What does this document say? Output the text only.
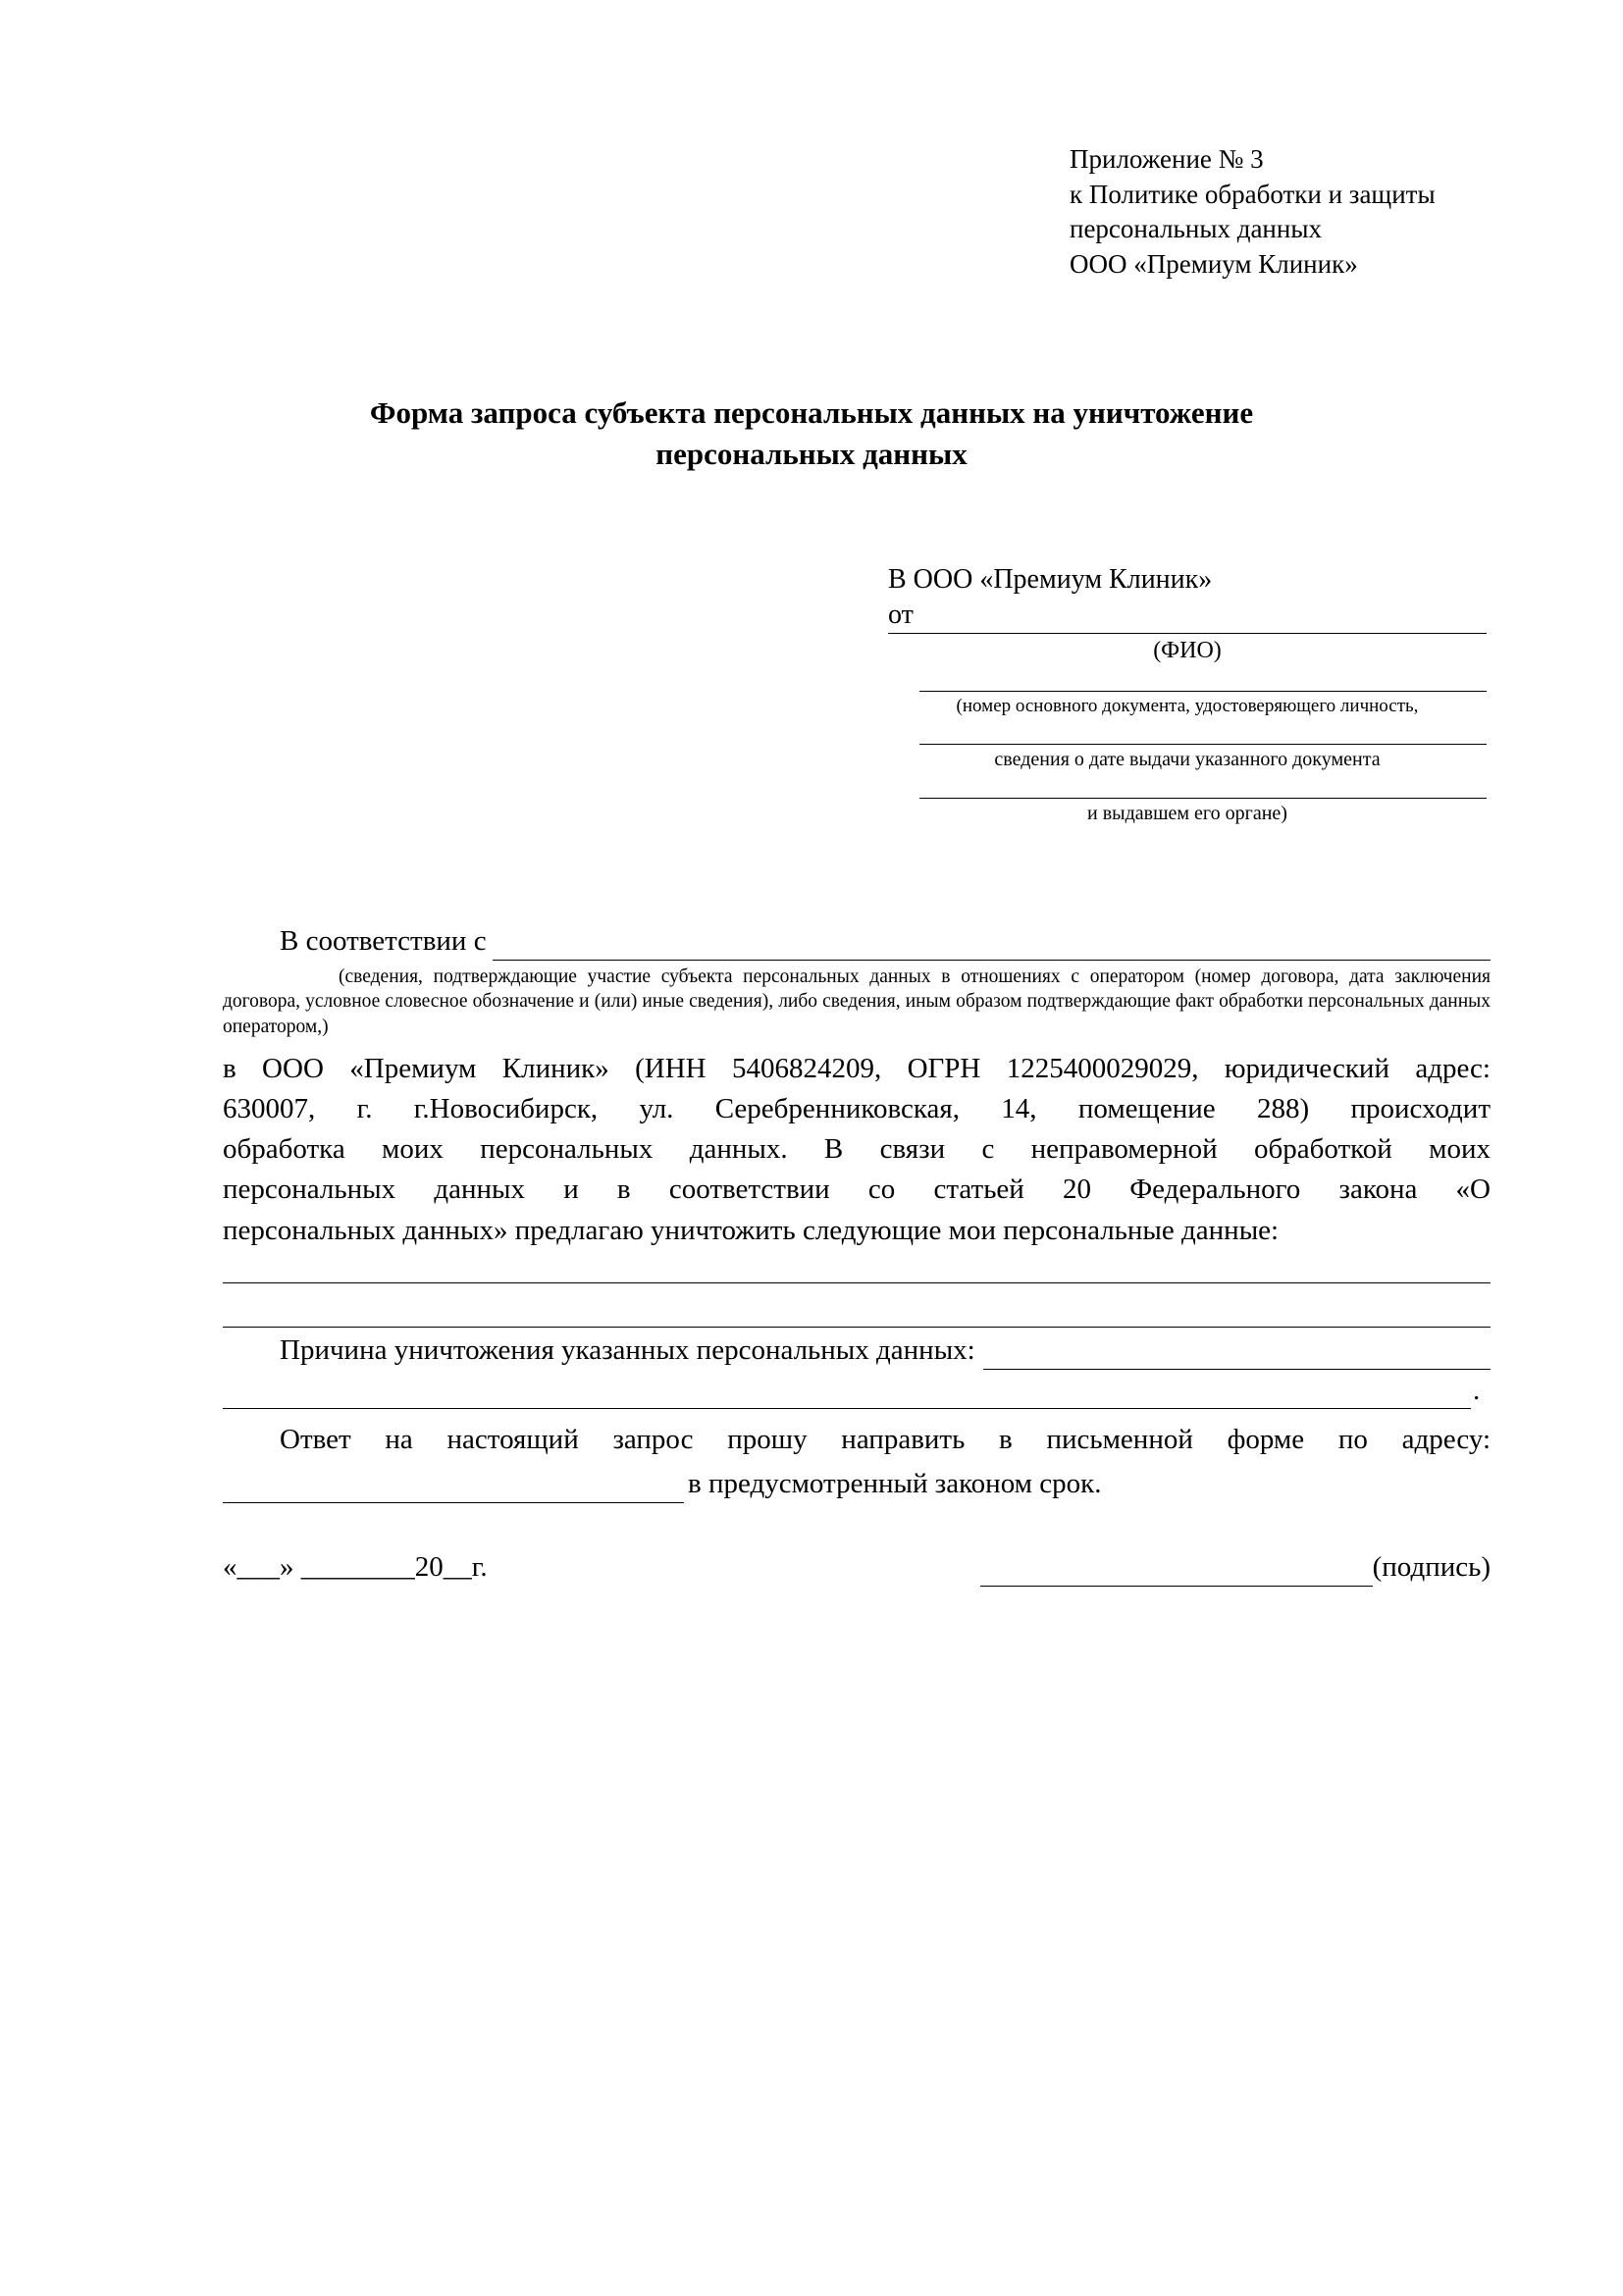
Приложение № 3
к Политике обработки и защиты
персональных данных
ООО «Премиум Клиник»
Форма запроса субъекта персональных данных на уничтожение
персональных данных
В ООО «Премиум Клиник»
от
(ФИО)
(номер основного документа, удостоверяющего личность,
сведения о дате выдачи указанного документа
и выдавшем его органе)
В соответствии с
(сведения, подтверждающие участие субъекта персональных данных в отношениях с оператором (номер договора, дата заключения договора, условное словесное обозначение и (или) иные сведения), либо сведения, иным образом подтверждающие факт обработки персональных данных оператором,)
в ООО «Премиум Клиник» (ИНН 5406824209, ОГРН 1225400029029, юридический адрес:
630007, г. г.Новосибирск, ул. Серебренниковская, 14, помещение 288) происходит
обработка моих персональных данных. В связи с неправомерной обработкой моих
персональных данных и в соответствии со статьей 20 Федерального закона «О
персональных данных» предлагаю уничтожить следующие мои персональные данные:
Причина уничтожения указанных персональных данных:
.
Ответ на настоящий запрос прошу направить в письменной форме по адресу:
в предусмотренный законом срок.
«___» ________20__г.	(подпись)
